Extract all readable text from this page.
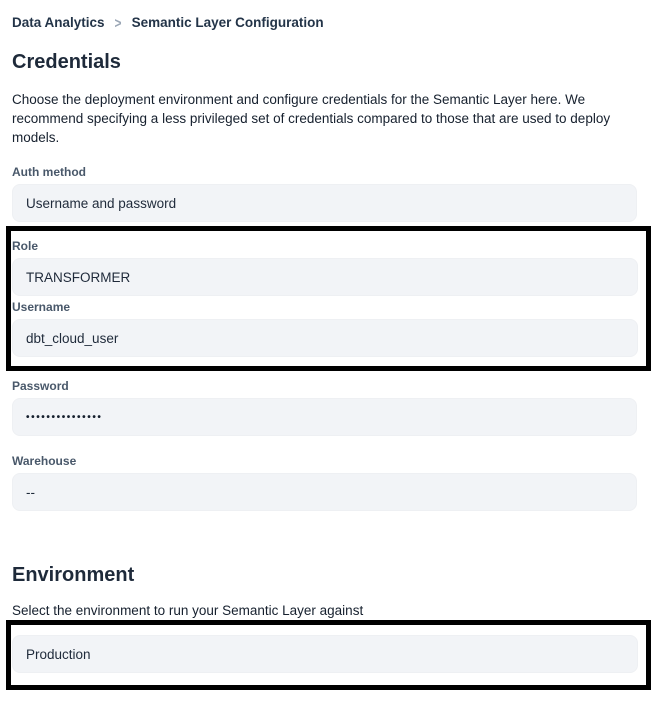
Data Analytics > Semantic Layer Configuration
Credentials
Choose the deployment environment and configure credentials for the Semantic Layer here. We
recommend specifying a less privileged set of credentials compared to those that are used to deploy
models.
Auth method
Username and password
Role
TRANSFORMER
Username
dbt_cloud_user
Password
•••••••••••••••
Warehouse
--
Environment
Select the environment to run your Semantic Layer against
Production
